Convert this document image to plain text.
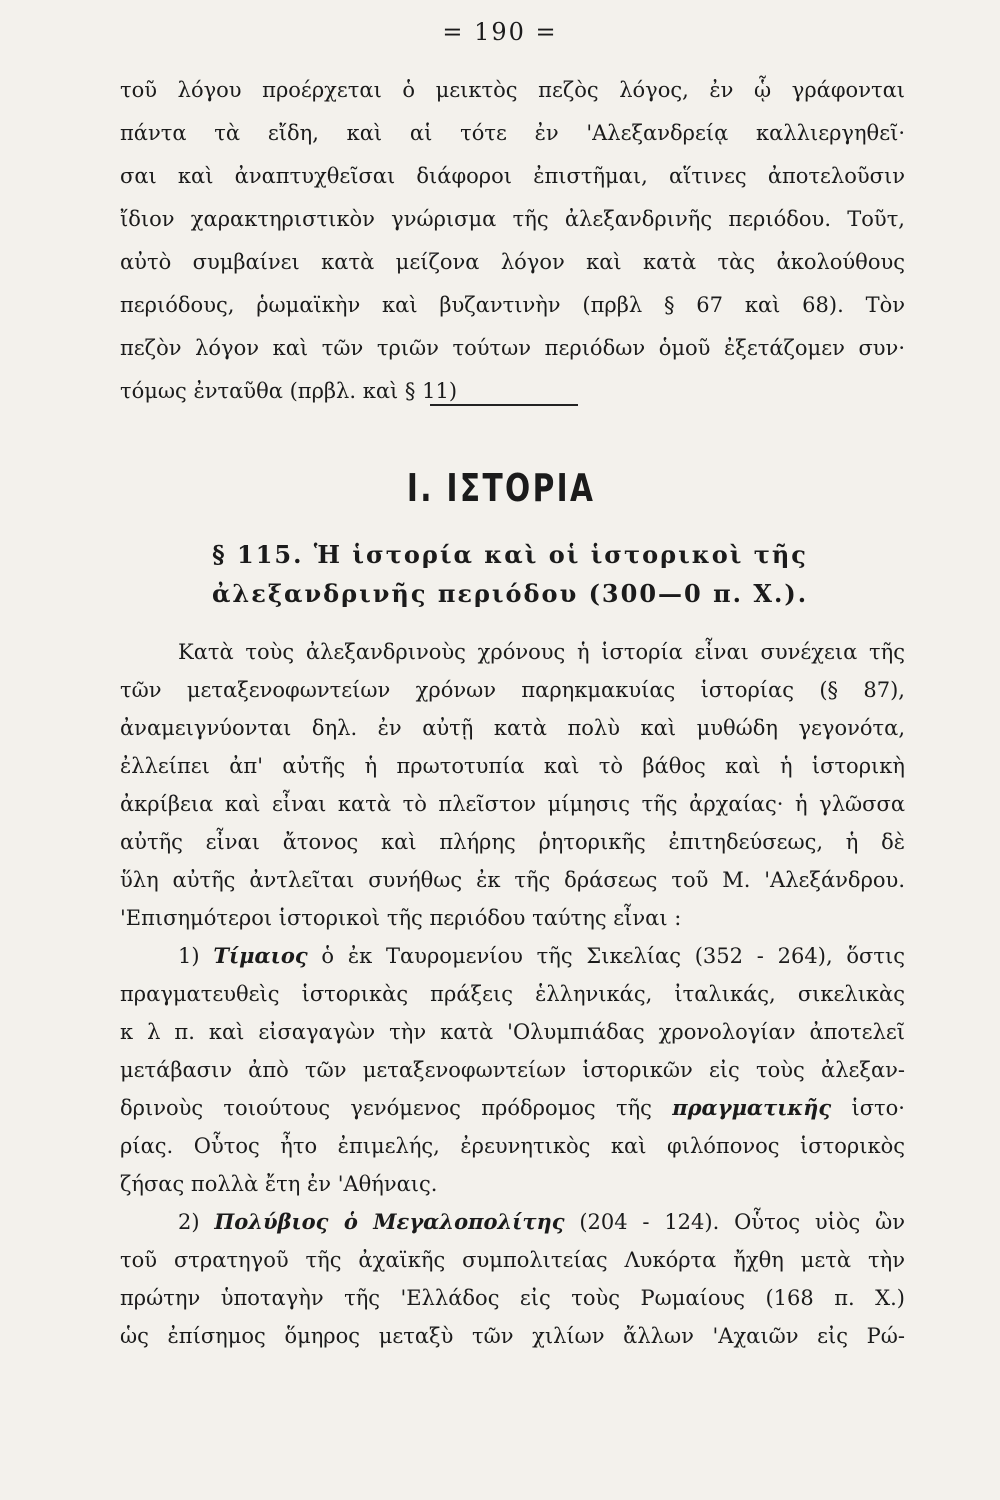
= 190 =
τοῦ λόγου προέρχεται ὁ μεικτὸς πεζὸς λόγος, ἐν ᾧ γράφονται
πάντα τὰ εἴδη, καὶ αἱ τότε ἐν 'Αλεξανδρείᾳ καλλιεργηθεῖ·
σαι καὶ ἀναπτυχθεῖσαι διάφοροι ἐπιστῆμαι, αἵτινες ἀποτελοῦσιν
ἴδιον χαρακτηριστικὸν γνώρισμα τῆς ἀλεξανδρινῆς περιόδου. Τοῦτ,
αὐτὸ συμβαίνει κατὰ μείζονα λόγον καὶ κατὰ τὰς ἀκολούθους
περιόδους, ῥωμαϊκὴν καὶ βυζαντινὴν (πρβλ § 67 καὶ 68). Τὸν
πεζὸν λόγον καὶ τῶν τριῶν τούτων περιόδων ὁμοῦ ἐξετάζομεν συν·
τόμως ἐνταῦθα (πρβλ. καὶ § 11)
Ι. ΙΣΤΟΡΙΑ
§ 115. Ἡ ἱστορία καὶ οἱ ἱστορικοὶ τῆς
ἀλεξανδρινῆς περιόδου (300—0 π. Χ.).
Κατὰ τοὺς ἀλεξανδρινοὺς χρόνους ἡ ἱστορία εἶναι συνέχεια τῆς
τῶν μεταξενοφωντείων χρόνων παρηκμακυίας ἱστορίας (§ 87),
ἀναμειγνύονται δηλ. ἐν αὐτῇ κατὰ πολὺ καὶ μυθώδη γεγονότα,
ἐλλείπει ἀπ' αὐτῆς ἡ πρωτοτυπία καὶ τὸ βάθος καὶ ἡ ἱστορικὴ
ἀκρίβεια καὶ εἶναι κατὰ τὸ πλεῖστον μίμησις τῆς ἀρχαίας· ἡ γλῶσσα
αὐτῆς εἶναι ἄτονος καὶ πλήρης ῥητορικῆς ἐπιτηδεύσεως, ἡ δὲ
ὕλη αὐτῆς ἀντλεῖται συνήθως ἐκ τῆς δράσεως τοῦ Μ. 'Αλεξάνδρου.
'Επισημότεροι ἱστορικοὶ τῆς περιόδου ταύτης εἶναι :
1) Τίμαιος ὁ ἐκ Ταυρομενίου τῆς Σικελίας (352 - 264), ὅστις
πραγματευθεὶς ἱστορικὰς πράξεις ἑλληνικάς, ἰταλικάς, σικελικὰς
κ λ π. καὶ εἰσαγαγὼν τὴν κατὰ 'Ολυμπιάδας χρονολογίαν ἀποτελεῖ
μετάβασιν ἀπὸ τῶν μεταξενοφωντείων ἱστορικῶν εἰς τοὺς ἀλεξαν-
δρινοὺς τοιούτους γενόμενος πρόδρομος τῆς πραγματικῆς ἱστο·
ρίας. Οὗτος ἦτο ἐπιμελής, ἐρευνητικὸς καὶ φιλόπονος ἱστορικὸς
ζήσας πολλὰ ἔτη ἐν 'Αθήναις.
2) Πολύβιος ὁ Μεγαλοπολίτης (204 - 124). Οὗτος υἱὸς ὢν
τοῦ στρατηγοῦ τῆς ἀχαϊκῆς συμπολιτείας Λυκόρτα ἤχθη μετὰ τὴν
πρώτην ὑποταγὴν τῆς 'Ελλάδος εἰς τοὺς Ρωμαίους (168 π. Χ.)
ὡς ἐπίσημος ὅμηρος μεταξὺ τῶν χιλίων ἄλλων 'Αχαιῶν εἰς Ρώ-
